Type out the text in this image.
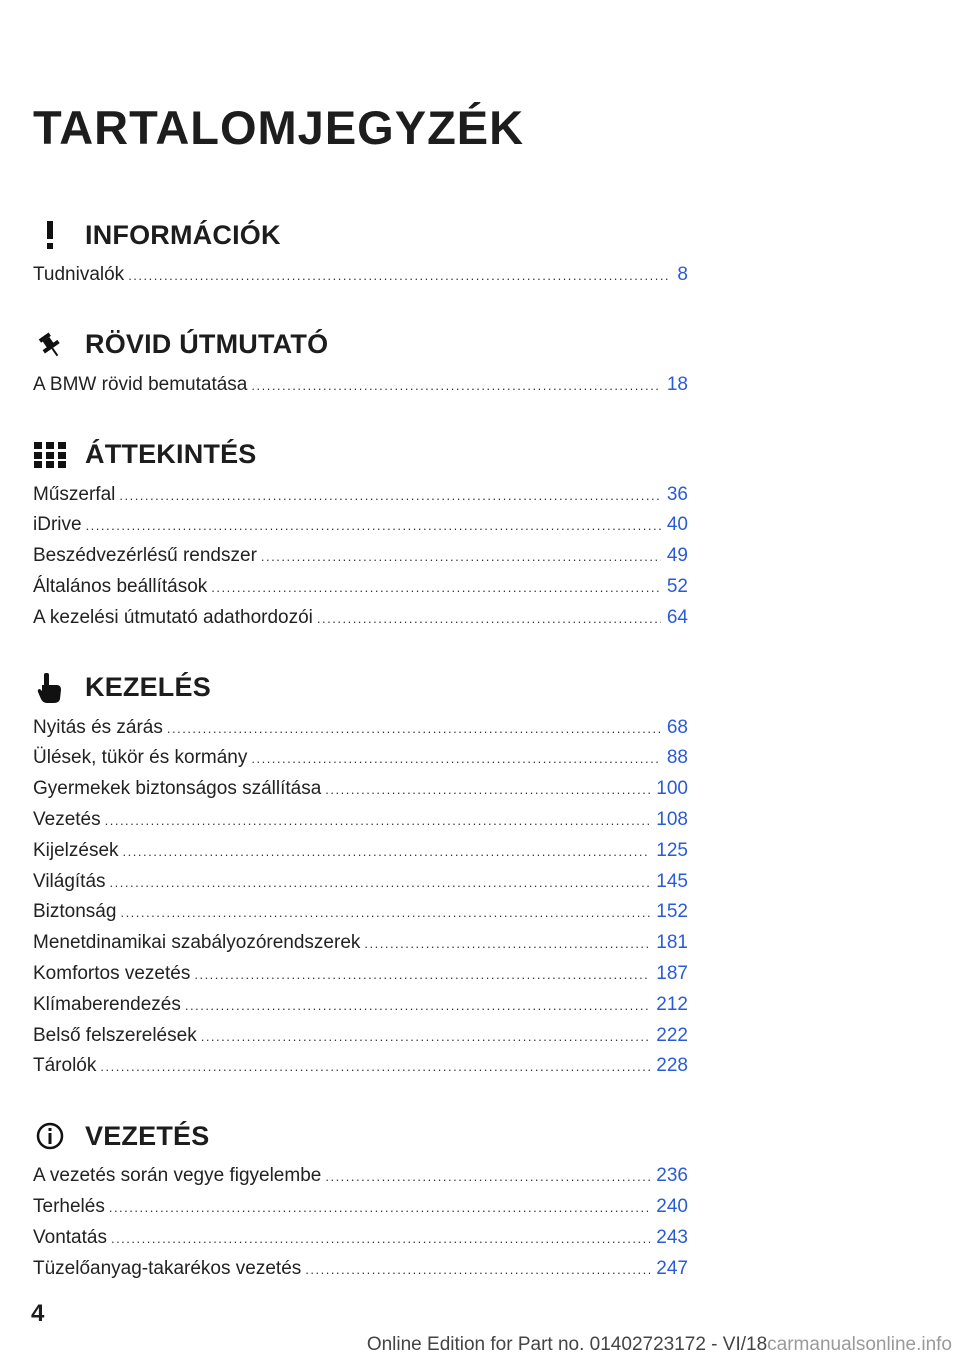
TARTALOMJEGYZÉK
INFORMÁCIÓK
Tudnivalók .....	8
RÖVID ÚTMUTATÓ
A BMW rövid bemutatása .....	18
ÁTTEKINTÉS
Műszerfal .....	36
iDrive .....	40
Beszédvezérlésű rendszer .....	49
Általános beállítások .....	52
A kezelési útmutató adathordozói .....	64
KEZELÉS
Nyitás és zárás .....	68
Ülések, tükör és kormány .....	88
Gyermekek biztonságos szállítása .....	100
Vezetés .....	108
Kijelzések .....	125
Világítás .....	145
Biztonság .....	152
Menetdinamikai szabályozórendszerek .....	181
Komfortos vezetés .....	187
Klímaberendezés .....	212
Belső felszerelések .....	222
Tárolók .....	228
VEZETÉS
A vezetés során vegye figyelembe .....	236
Terhelés .....	240
Vontatás .....	243
Tüzelőanyag-takarékos vezetés .....	247
4
Online Edition for Part no. 01402723172 - VI/18carmanualsonline.info
